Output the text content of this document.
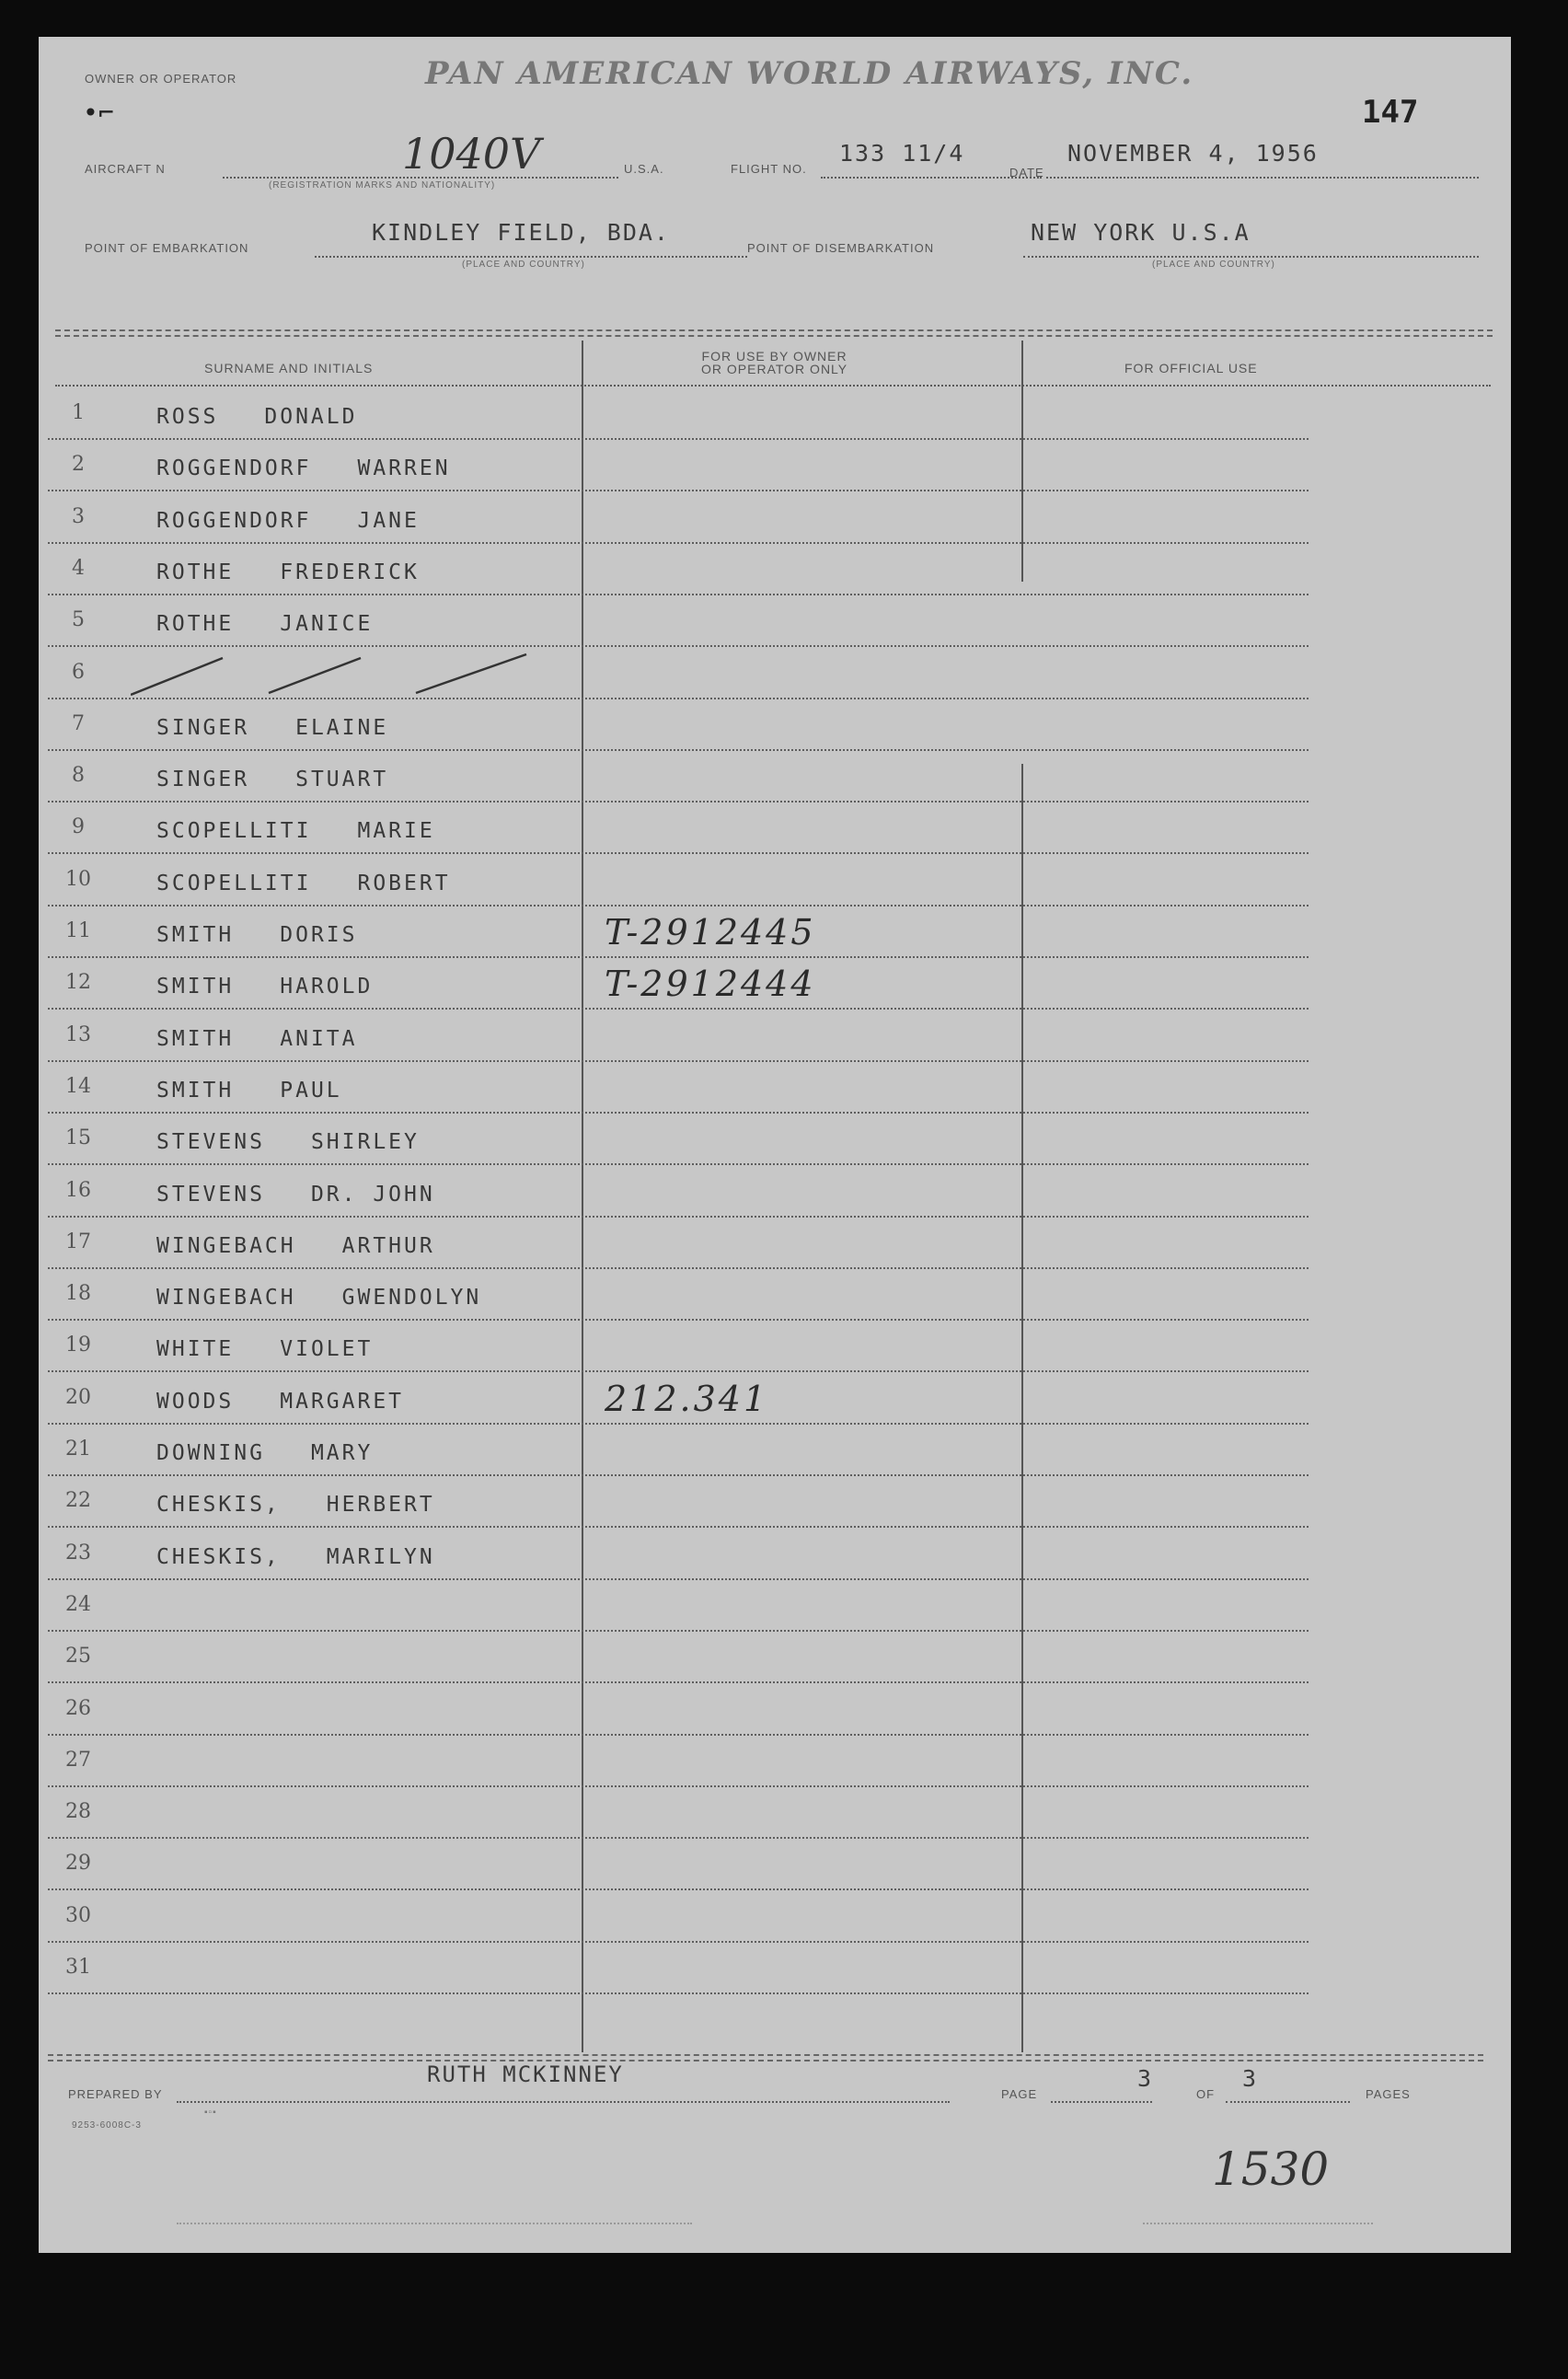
OWNER OR OPERATOR	PAN AMERICAN WORLD AIRWAYS, INC.
147
•⌐
AIRCRAFT N	1040V
(REGISTRATION MARKS AND NATIONALITY)
U.S.A.	FLIGHT NO.
133 11/4
DATE
NOVEMBER 4, 1956
POINT OF EMBARKATION
KINDLEY FIELD, BDA.
(PLACE AND COUNTRY)
POINT OF DISEMBARKATION
NEW YORK U.S.A
(PLACE AND COUNTRY)
SURNAME AND INITIALS
FOR USE BY OWNER
OR OPERATOR ONLY	FOR OFFICIAL USE
1	ROSS DONALD
2	ROGGENDORF WARREN
3	ROGGENDORF JANE
4	ROTHE FREDERICK
5	ROTHE JANICE
6
7	SINGER ELAINE
8	SINGER STUART
9	SCOPELLITI MARIE
10	SCOPELLITI ROBERT
11	SMITH DORIS	T-2912445
12	SMITH HAROLD	T-2912444
13	SMITH ANITA
14	SMITH PAUL
15	STEVENS SHIRLEY
16	STEVENS DR. JOHN
17	WINGEBACH ARTHUR
18	WINGEBACH GWENDOLYN
19	WHITE VIOLET
20	WOODS MARGARET	212.341
21	DOWNING MARY
22	CHESKIS, HERBERT
23	CHESKIS, MARILYN
24
25
26
27
28
29
30
31
PREPARED BY
RUTH MCKINNEY
PAGE
3
OF
3
PAGES
9253-6008C-3
▪▫▪
1530
